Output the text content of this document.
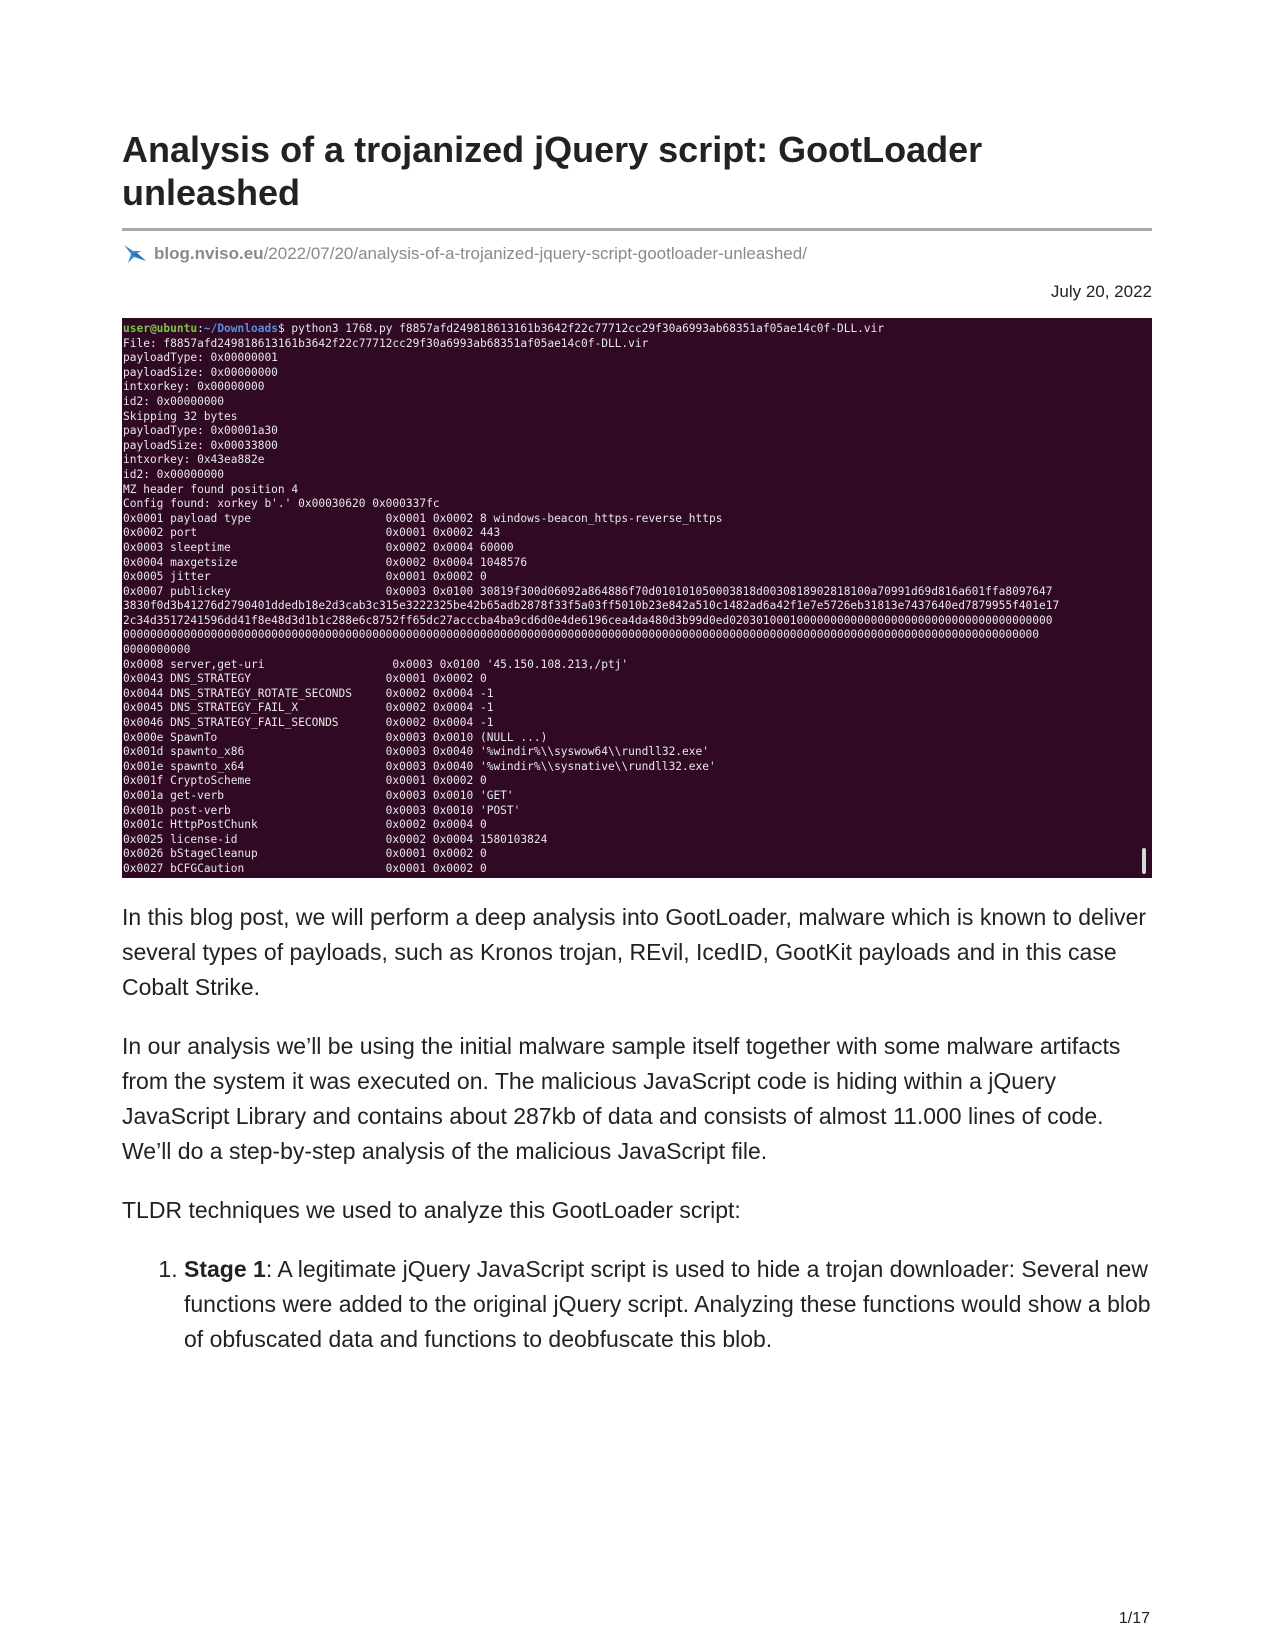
Analysis of a trojanized jQuery script: GootLoader unleashed
blog.nviso.eu /2022/07/20/analysis-of-a-trojanized-jquery-script-gootloader-unleashed/
July 20, 2022
user@ubuntu:~/Downloads$ python3 1768.py f8857afd249818613161b3642f22c77712cc29f30a6993ab68351af05ae14c0f-DLL.vir
File: f8857afd249818613161b3642f22c77712cc29f30a6993ab68351af05ae14c0f-DLL.vir
payloadType: 0x00000001
payloadSize: 0x00000000
intxorkey: 0x00000000
id2: 0x00000000
Skipping 32 bytes
payloadType: 0x00001a30
payloadSize: 0x00033800
intxorkey: 0x43ea882e
id2: 0x00000000
MZ header found position 4
Config found: xorkey b'.' 0x00030620 0x000337fc
0x0001 payload type                    0x0001 0x0002 8 windows-beacon_https-reverse_https
0x0002 port                            0x0001 0x0002 443
0x0003 sleeptime                       0x0002 0x0004 60000
0x0004 maxgetsize                      0x0002 0x0004 1048576
0x0005 jitter                          0x0001 0x0002 0
0x0007 publickey                       0x0003 0x0100 30819f300d06092a864886f70d010101050003818d0030818902818100a70991d69d816a601ffa8097647
3830f0d3b41276d2790401ddedb18e2d3cab3c315e3222325be42b65adb2878f33f5a03ff5010b23e842a510c1482ad6a42f1e7e5726eb31813e7437640ed7879955f401e17
2c34d3517241596dd41f8e48d3d1b1c288e6c8752ff65dc27acccba4ba9cd6d0e4de6196cea4da480d3b99d0ed020301000100000000000000000000000000000000000000
0000000000000000000000000000000000000000000000000000000000000000000000000000000000000000000000000000000000000000000000000000000000000000
0000000000
0x0008 server,get-uri                   0x0003 0x0100 '45.150.108.213,/ptj'
0x0043 DNS_STRATEGY                    0x0001 0x0002 0
0x0044 DNS_STRATEGY_ROTATE_SECONDS     0x0002 0x0004 -1
0x0045 DNS_STRATEGY_FAIL_X             0x0002 0x0004 -1
0x0046 DNS_STRATEGY_FAIL_SECONDS       0x0002 0x0004 -1
0x000e SpawnTo                         0x0003 0x0010 (NULL ...)
0x001d spawnto_x86                     0x0003 0x0040 '%windir%\\syswow64\\rundll32.exe'
0x001e spawnto_x64                     0x0003 0x0040 '%windir%\\sysnative\\rundll32.exe'
0x001f CryptoScheme                    0x0001 0x0002 0
0x001a get-verb                        0x0003 0x0010 'GET'
0x001b post-verb                       0x0003 0x0010 'POST'
0x001c HttpPostChunk                   0x0002 0x0004 0
0x0025 license-id                      0x0002 0x0004 1580103824
0x0026 bStageCleanup                   0x0001 0x0002 0
0x0027 bCFGCaution                     0x0001 0x0002 0

In this blog post, we will perform a deep analysis into GootLoader, malware which is known to deliver several types of payloads, such as Kronos trojan, REvil, IcedID, GootKit payloads and in this case Cobalt Strike.

In our analysis we’ll be using the initial malware sample itself together with some malware artifacts from the system it was executed on. The malicious JavaScript code is hiding within a jQuery JavaScript Library and contains about 287kb of data and consists of almost 11.000 lines of code. We’ll do a step-by-step analysis of the malicious JavaScript file.

TLDR techniques we used to analyze this GootLoader script:

1. Stage 1: A legitimate jQuery JavaScript script is used to hide a trojan downloader: Several new functions were added to the original jQuery script. Analyzing these functions would show a blob of obfuscated data and functions to deobfuscate this blob.
1/17
